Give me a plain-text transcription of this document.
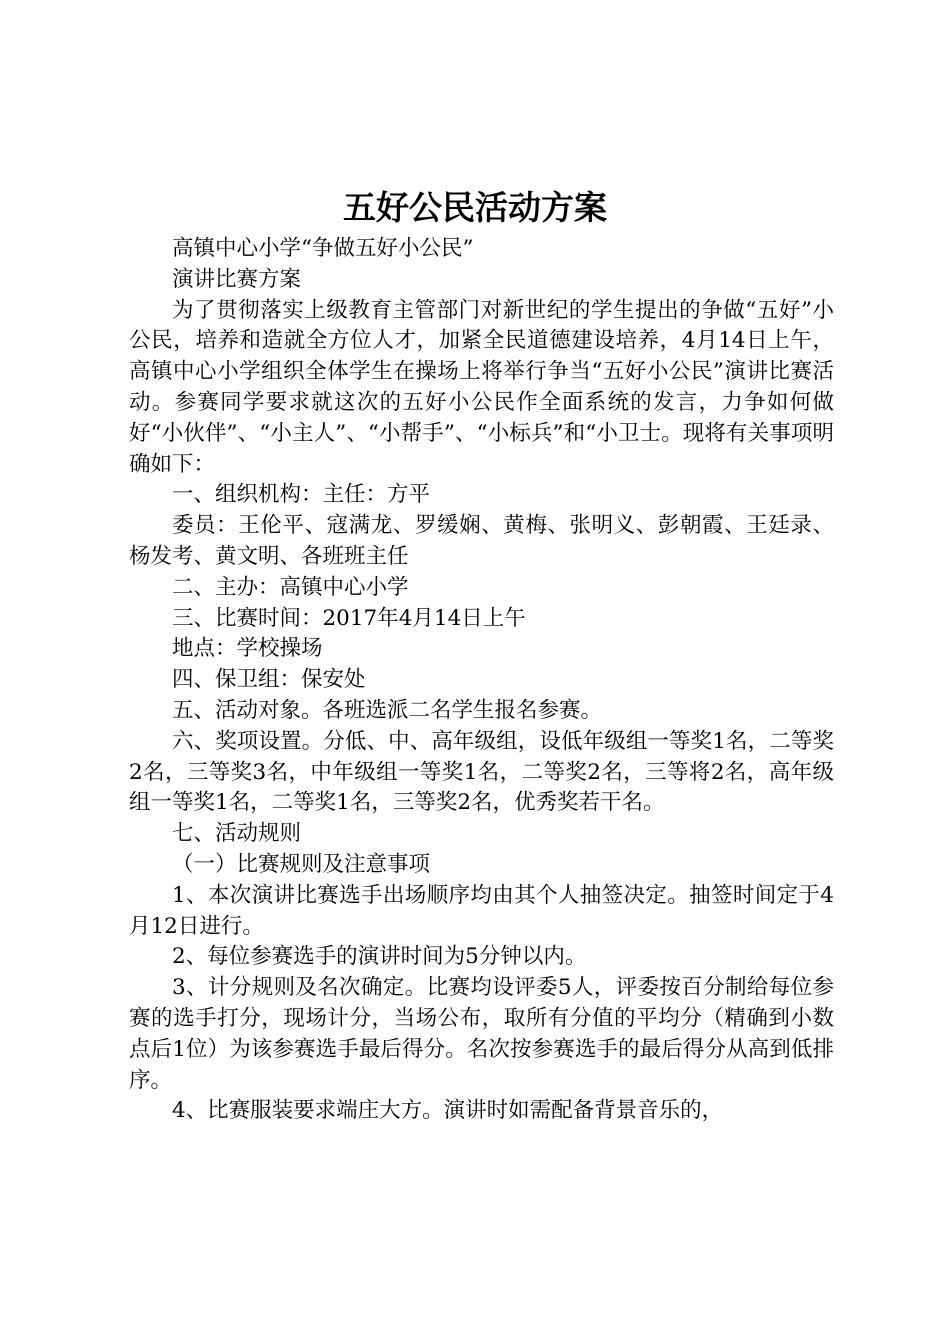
五好公民活动方案

高镇中心小学“争做五好小公民”

演讲比赛方案

为了贯彻落实上级教育主管部门对新世纪的学生提出的争做“五好”小公民，培养和造就全方位人才，加紧全民道德建设培养，4月14日上午，高镇中心小学组织全体学生在操场上将举行争当“五好小公民”演讲比赛活动。参赛同学要求就这次的五好小公民作全面系统的发言，力争如何做好“小伙伴”、“小主人”、“小帮手”、“小标兵”和“小卫士。现将有关事项明确如下：

一、组织机构：主任：方平

委员：王伦平、寇满龙、罗缓娴、黄梅、张明义、彭朝霞、王廷录、杨发考、黄文明、各班班主任

二、主办：高镇中心小学

三、比赛时间：2017年4月14日上午

地点：学校操场

四、保卫组：保安处

五、活动对象。各班选派二名学生报名参赛。

六、奖项设置。分低、中、高年级组，设低年级组一等奖1名，二等奖2名，三等奖3名，中年级组一等奖1名，二等奖2名，三等将2名，高年级组一等奖1名，二等奖1名，三等奖2名，优秀奖若干名。

七、活动规则

（一）比赛规则及注意事项

1、本次演讲比赛选手出场顺序均由其个人抽签决定。抽签时间定于4月12日进行。

2、每位参赛选手的演讲时间为5分钟以内。

3、计分规则及名次确定。比赛均设评委5人，评委按百分制给每位参赛的选手打分，现场计分，当场公布，取所有分值的平均分（精确到小数点后1位）为该参赛选手最后得分。名次按参赛选手的最后得分从高到低排序。

4、比赛服装要求端庄大方。演讲时如需配备背景音乐的，
